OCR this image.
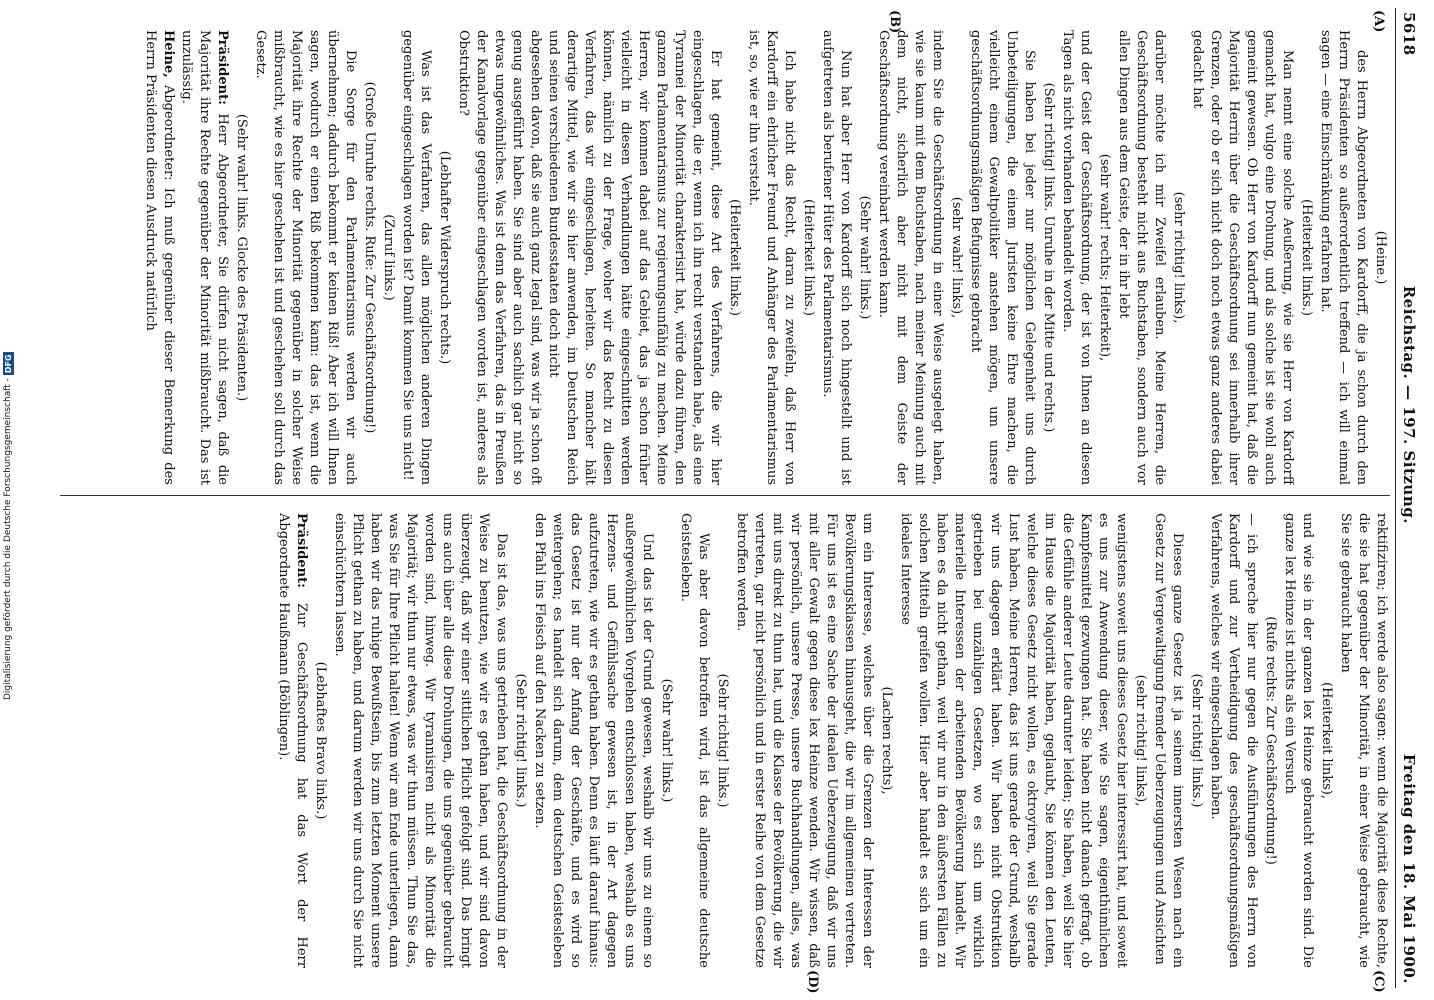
5618
Reichstag. — 197. Sitzung.
Freitag den 18. Mai 1900.
(A)
(B)
(C)
(D)

(Heine.)

des Herrn Abgeordneten von Kardorff, die ja schon durch den Herrn Präsidenten so außerordentlich treffend — ich will einmal sagen — eine Einschränkung erfahren hat.

(Heiterkeit links.)

Man nennt eine solche Aeußerung, wie sie Herr von Kardorff gemacht hat, vulgo eine Drohung, und als solche ist sie wohl auch gemeint gewesen. Ob Herr von Kardorff nun gemeint hat, daß die Majorität Herrin über die Geschäftsordnung sei innerhalb ihrer Grenzen, oder ob er sich nicht doch noch etwas ganz anderes dabei gedacht hat

(sehr richtig! links),

darüber möchte ich mir Zweifel erlauben. Meine Herren, die Geschäftsordnung besteht nicht aus Buchstaben, sondern auch vor allen Dingen aus dem Geiste, der in ihr lebt

(sehr wahr! rechts; Heiterkeit),

und der Geist der Geschäftsordnung, der ist von Ihnen an diesen Tagen als nicht vorhanden behandelt worden.

(Sehr richtig! links. Unruhe in der Mitte und rechts.)

Sie haben bei jeder nur möglichen Gelegenheit uns durch Unbeteiligungen, die einem Juristen keine Ehre machen, die vielleicht einem Gewaltpolitiker anstehen mögen, um unsere geschäftsordnungsmäßigen Befugnisse gebracht

(sehr wahr! links),

indem Sie die Geschäftsordnung in einer Weise ausgelegt haben, wie sie kaum mit dem Buchstaben, nach meiner Meinung auch mit dem nicht, sicherlich aber nicht mit dem Geiste der Geschäftsordnung vereinbart werden kann.

(Sehr wahr! links.)

Nun hat aber Herr von Kardorff sich noch hingestellt und ist aufgetreten als berufener Hüter des Parlamentarismus.

(Heiterkeit links.)

Ich habe nicht das Recht, daran zu zweifeln, daß Herr von Kardorff ein ehrlicher Freund und Anhänger des Parlamentarismus ist, so, wie er ihn versteht.

(Heiterkeit links.)

Er hat gemeint, diese Art des Verfahrens, die wir hier eingeschlagen, die er, wenn ich ihn recht verstanden habe, als eine Tyrannei der Minorität charakterisirt hat, würde dazu führen, den ganzen Parlamentarismus zur regierungsunfähig zu machen. Meine Herren, wir kommen dabei auf das Gebiet, das ja schon früher vielleicht in diesen Verhandlungen hätte eingeschnitten werden können, nämlich zu der Frage, woher wir das Recht zu diesen Verfahren, das wir eingeschlagen, herleiten. So mancher hält derartige Mittel, wie wir sie hier anwenden, im Deutschen Reich und seinen verschiedenen Bundesstaaten doch nicht

abgesehen davon, daß sie auch ganz legal sind, was wir ja schon oft genug ausgeführt haben. Sie sind aber auch sachlich gar nicht so etwas ungewöhnliches. Was ist denn das Verfahren, das in Preußen der Kanalvorlage gegenüber eingeschlagen worden ist, anderes als Obstruktion?

(Lebhafter Widerspruch rechts.)

Was ist das Verfahren, das allen möglichen anderen Dingen gegenüber eingeschlagen worden ist? Damit kommen Sie uns nicht!

(Zuruf links.)

(Große Unruhe rechts. Rufe: Zur Geschäftsordnung!)

Die Sorge für den Parlamentarismus werden wir auch übernehmen; dadurch bekommt er keinen Riß! Aber ich will Ihnen sagen, wodurch er einen Riß bekommen kann: das ist, wenn die Majorität ihre Rechte der Minorität gegenüber in solcher Weise mißbraucht, wie es hier geschehen ist und geschehen soll durch das Gesetz.

(Sehr wahr! links. Glocke des Präsidenten.)

Präsident: Herr Abgeordneter, Sie dürfen nicht sagen, daß die Majorität ihre Rechte gegenüber der Minorität mißbraucht. Das ist unzulässig.

Heine, Abgeordneter: Ich muß gegenüber dieser Bemerkung des Herrn Präsidenten diesen Ausdruck natürlich

rektifiziren; ich werde also sagen: wenn die Majorität diese Rechte, die sie hat gegenüber der Minorität, in einer Weise gebraucht, wie Sie sie gebraucht haben

(Heiterkeit links),

und wie sie in der ganzen lex Heinze gebraucht worden sind. Die ganze lex Heinze ist nichts als ein Versuch

(Rufe rechts: Zur Geschäftsordnung!)

— ich spreche hier nur gegen die Ausführungen des Herrn von Kardorff und zur Vertheidigung des geschäftsordnungsmäßigen Verfahrens, welches wir eingeschlagen haben.

(Sehr richtig! links.)

Dieses ganze Gesetz ist ja seinem innersten Wesen nach ein Gesetz zur Vergewaltigung fremder Ueberzeugungen und Ansichten

(sehr richtig! links),

wenigstens soweit uns dieses Gesetz hier interessirt hat, und soweit es uns zur Anwendung dieser, wie Sie sagen, eigenthümlichen Kampfesmittel gezwungen hat. Sie haben nicht danach gefragt, ob die Gefühle anderer Leute darunter leiden; Sie haben, weil Sie hier im Hause die Majorität haben, geglaubt, Sie können den Leuten, welche dieses Gesetz nicht wollen, es oktroyiren, weil Sie gerade Lust haben. Meine Herren, das ist uns gerade der Grund, weshalb wir uns dagegen erklärt haben. Wir haben nicht Obstruktion getrieben bei unzähligen Gesetzen, wo es sich um wirklich materielle Interessen der arbeitenden Bevölkerung handelt. Wir haben es da nicht gethan, weil wir nur in den äußersten Fällen zu solchen Mitteln greifen wollen. Hier aber handelt es sich um ein ideales Interesse

(Lachen rechts),

um ein Interesse, welches über die Grenzen der Interessen der Bevölkerungsklassen hinausgeht, die wir im allgemeinen vertreten. Für uns ist es eine Sache der idealen Ueberzeugung, daß wir uns mit aller Gewalt gegen diese lex Heinze wenden. Wir wissen, daß wir persönlich, unsere Presse, unsere Buchhandlungen, alles, was mit uns direkt zu thun hat, und die Klasse der Bevölkerung, die wir vertreten, gar nicht persönlich und in erster Reihe von dem Gesetze betroffen werden.

(Sehr richtig! links.)

Was aber davon betroffen wird, ist das allgemeine deutsche Geistesleben.

(Sehr wahr! links.)

Und das ist der Grund gewesen, weshalb wir uns zu einem so außergewöhnlichen Vorgehen entschlossen haben, weshalb es uns Herzens- und Gefühlssache gewesen ist, in der Art dagegen aufzutreten, wie wir es gethan haben. Denn es läuft darauf hinaus: das Gesetz ist nur der Anfang der Geschäfte, und es wird so weitergehen; es handelt sich darum, dem deutschen Geistesleben den Pfahl ins Fleisch auf den Nacken zu setzen.

(Sehr richtig! links.)

Das ist das, was uns getrieben hat, die Geschäftsordnung in der Weise zu benutzen, wie wir es gethan haben, und wir sind davon überzeugt, daß wir einer sittlichen Pflicht gefolgt sind. Das bringt uns auch über alle diese Drohungen, die uns gegenüber gebraucht worden sind, hinweg. Wir tyrannisiren nicht als Minorität die Majorität; wir thun nur etwas, was wir thun müssen. Thun Sie das, was Sie für Ihre Pflicht halten! Wenn wir am Ende unterliegen, dann haben wir das ruhige Bewußtsein, bis zum letzten Moment unsere Pflicht gethan zu haben, und darum werden wir uns durch Sie nicht einschüchtern lassen.

(Lebhaftes Bravo links.)

Präsident: Zur Geschäftsordnung hat das Wort der Herr Abgeordnete Haußmann (Böblingen).

Digitalisierung gefördert durch die Deutsche Forschungsgemeinschaft -
DFG
